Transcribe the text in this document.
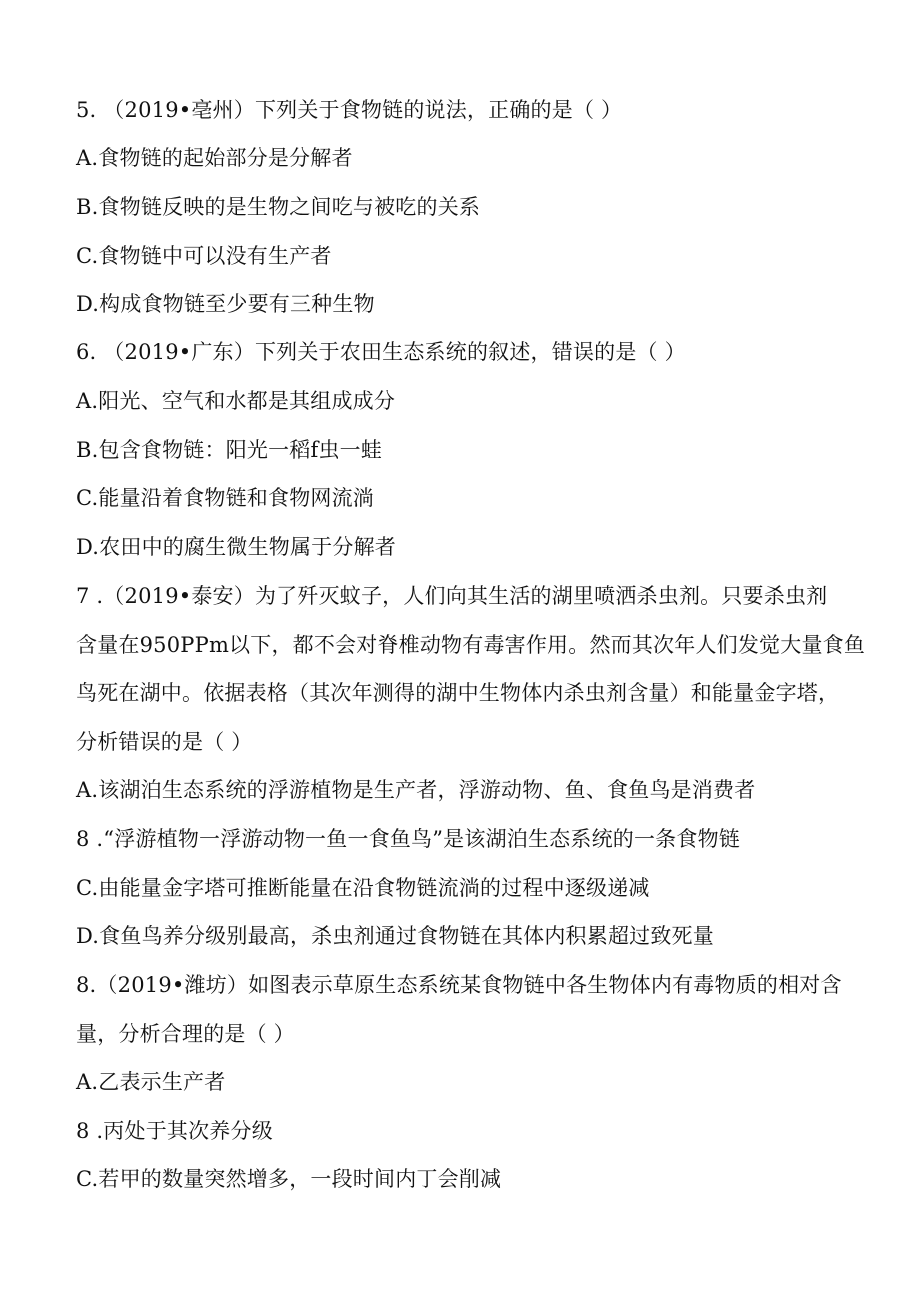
5. （2019•亳州）下列关于食物链的说法，正确的是（ ）
A.食物链的起始部分是分解者
B.食物链反映的是生物之间吃与被吃的关系
C.食物链中可以没有生产者
D.构成食物链至少要有三种生物
6. （2019•广东）下列关于农田生态系统的叙述，错误的是（ ）
A.阳光、空气和水都是其组成成分
B.包含食物链：阳光一稻f虫一蛙
C.能量沿着食物链和食物网流淌
D.农田中的腐生微生物属于分解者
7 .（2019•泰安）为了歼灭蚊子，人们向其生活的湖里喷洒杀虫剂。只要杀虫剂
含量在950PPm以下，都不会对脊椎动物有毒害作用。然而其次年人们发觉大量食鱼
鸟死在湖中。依据表格（其次年测得的湖中生物体内杀虫剂含量）和能量金字塔，
分析错误的是（ ）
A.该湖泊生态系统的浮游植物是生产者，浮游动物、鱼、食鱼鸟是消费者
8 .“浮游植物一浮游动物一鱼一食鱼鸟”是该湖泊生态系统的一条食物链
C.由能量金字塔可推断能量在沿食物链流淌的过程中逐级递减
D.食鱼鸟养分级别最高，杀虫剂通过食物链在其体内积累超过致死量
8.（2019•潍坊）如图表示草原生态系统某食物链中各生物体内有毒物质的相对含
量，分析合理的是（ ）
A.乙表示生产者
8 .丙处于其次养分级
C.若甲的数量突然增多，一段时间内丁会削减
